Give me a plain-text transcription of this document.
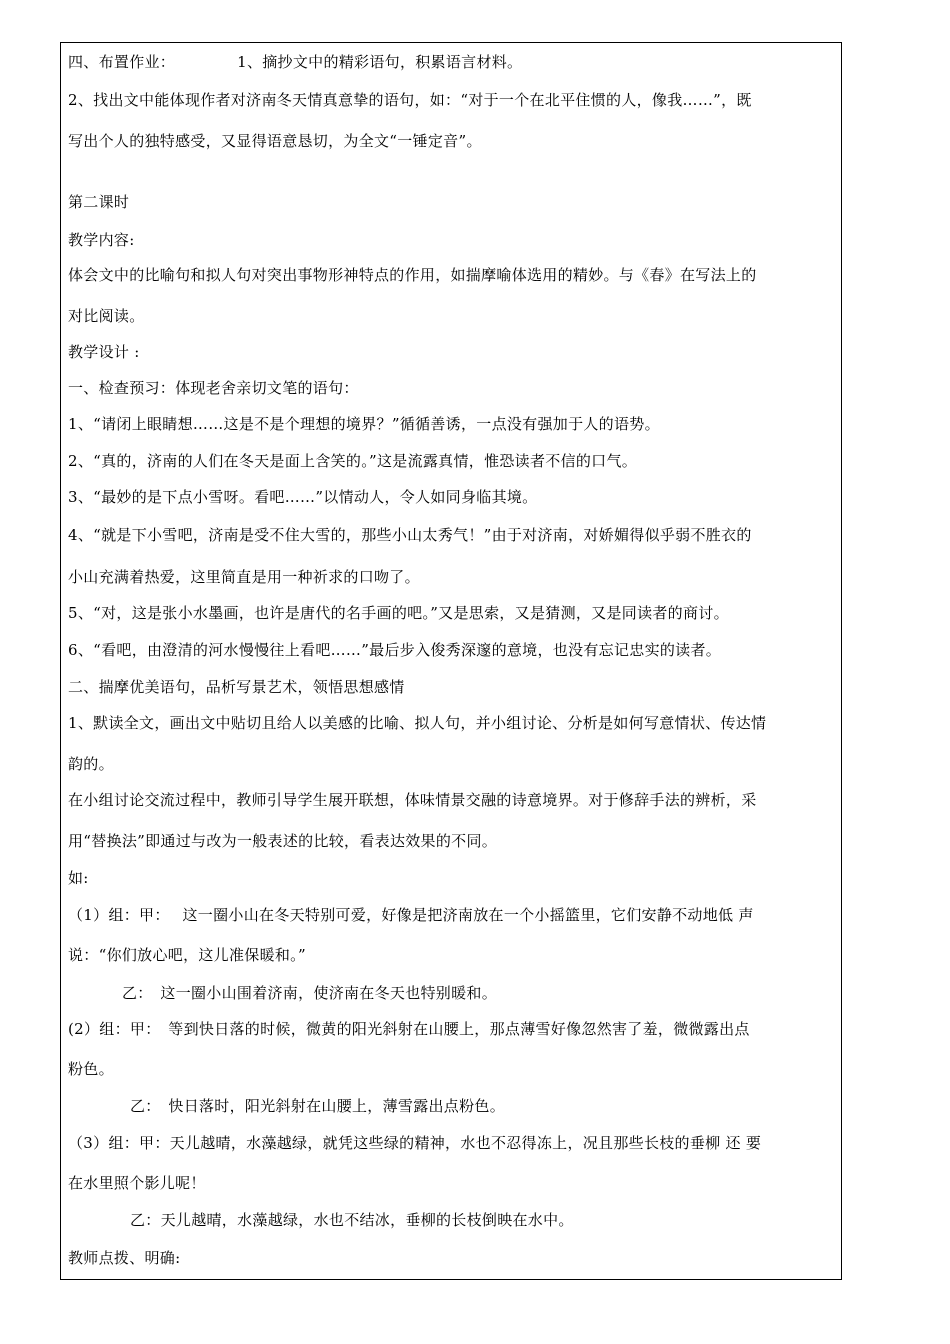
四、布置作业：	1、摘抄文中的精彩语句，积累语言材料。

2、找出文中能体现作者对济南冬天情真意挚的语句，如：“对于一个在北平住惯的人，像我……”，既

写出个人的独特感受，又显得语意恳切，为全文“一锤定音”。

第二课时

教学内容:

体会文中的比喻句和拟人句对突出事物形神特点的作用，如揣摩喻体选用的精妙。与《春》在写法上的

对比阅读。

教学设计 :

一、检查预习：体现老舍亲切文笔的语句：

1、“请闭上眼睛想……这是不是个理想的境界？”循循善诱，一点没有强加于人的语势。

2、“真的，济南的人们在冬天是面上含笑的。”这是流露真情，惟恐读者不信的口气。

3、“最妙的是下点小雪呀。看吧……”以情动人，令人如同身临其境。

4、“就是下小雪吧，济南是受不住大雪的，那些小山太秀气！”由于对济南，对娇媚得似乎弱不胜衣的

小山充满着热爱，这里简直是用一种祈求的口吻了。

5、“对，这是张小水墨画，也许是唐代的名手画的吧。”又是思索，又是猜测，又是同读者的商讨。

6、“看吧，由澄清的河水慢慢往上看吧……”最后步入俊秀深邃的意境，也没有忘记忠实的读者。

二、揣摩优美语句，品析写景艺术，领悟思想感情

1、默读全文，画出文中贴切且给人以美感的比喻、拟人句，并小组讨论、分析是如何写意情状、传达情

韵的。

在小组讨论交流过程中，教师引导学生展开联想，体味情景交融的诗意境界。对于修辞手法的辨析，采

用“替换法”即通过与改为一般表述的比较，看表达效果的不同。

如:

（1）组：甲：　 这一圈小山在冬天特别可爱，好像是把济南放在一个小摇篮里，它们安静不动地低 声

说：“你们放心吧，这儿准保暖和。”

乙：　这一圈小山围着济南，使济南在冬天也特别暖和。

(2）组：甲：　等到快日落的时候，微黄的阳光斜射在山腰上，那点薄雪好像忽然害了羞，微微露出点

粉色。

乙：　快日落时，阳光斜射在山腰上，薄雪露出点粉色。

（3）组：甲：天儿越晴，水藻越绿，就凭这些绿的精神，水也不忍得冻上，况且那些长枝的垂柳 还 要

在水里照个影儿呢！

乙：天儿越晴，水藻越绿，水也不结冰，垂柳的长枝倒映在水中。

教师点拨、明确:
